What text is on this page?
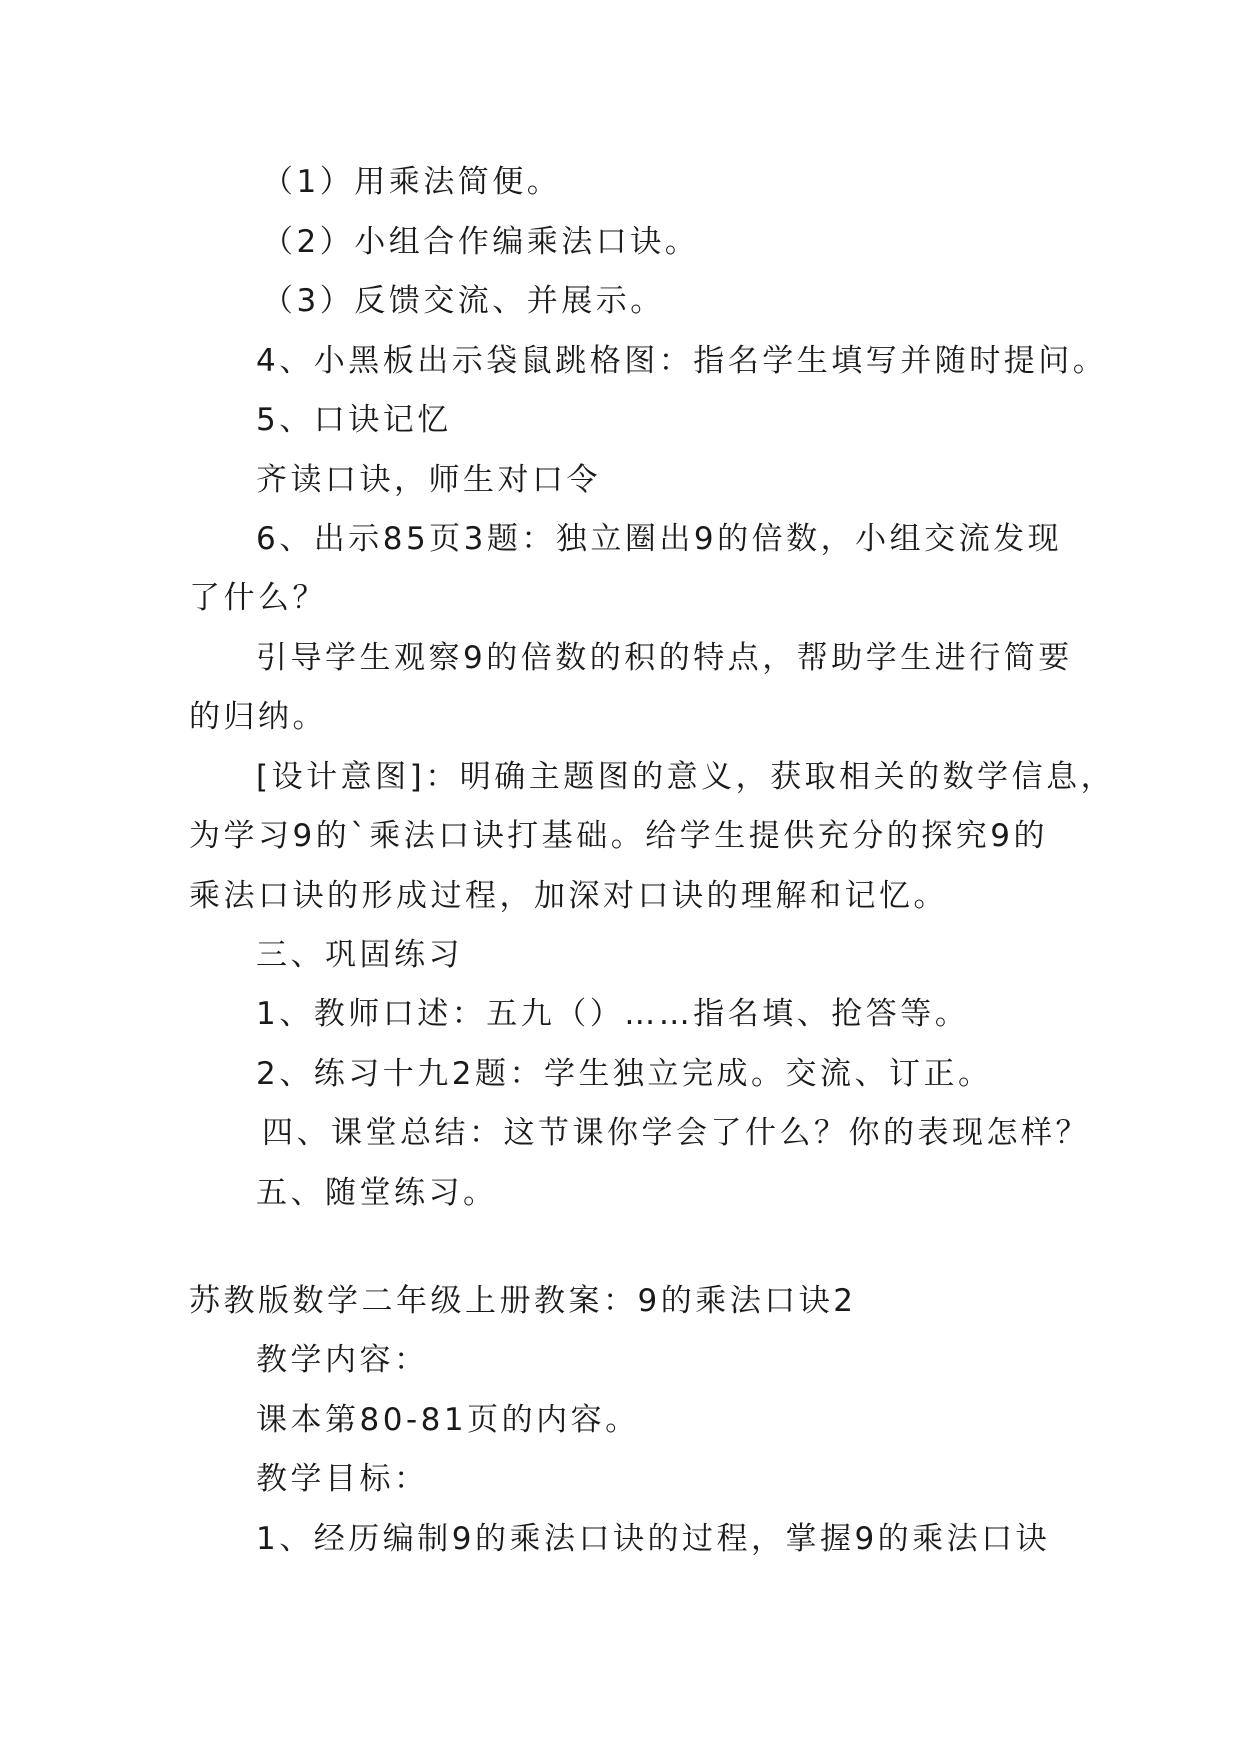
（1）用乘法简便。
（2）小组合作编乘法口诀。
（3）反馈交流、并展示。
4、小黑板出示袋鼠跳格图：指名学生填写并随时提问。
5、口诀记忆
齐读口诀，师生对口令
6、出示85页3题：独立圈出9的倍数，小组交流发现
了什么？
引导学生观察9的倍数的积的特点，帮助学生进行简要
的归纳。
[设计意图]：明确主题图的意义，获取相关的数学信息，
为学习9的`乘法口诀打基础。给学生提供充分的探究9的
乘法口诀的形成过程，加深对口诀的理解和记忆。
三、巩固练习
1、教师口述：五九（）……指名填、抢答等。
2、练习十九2题：学生独立完成。交流、订正。
四、课堂总结：这节课你学会了什么？你的表现怎样？
五、随堂练习。
苏教版数学二年级上册教案：9的乘法口诀2
教学内容：
课本第80-81页的内容。
教学目标：
1、经历编制9的乘法口诀的过程，掌握9的乘法口诀
